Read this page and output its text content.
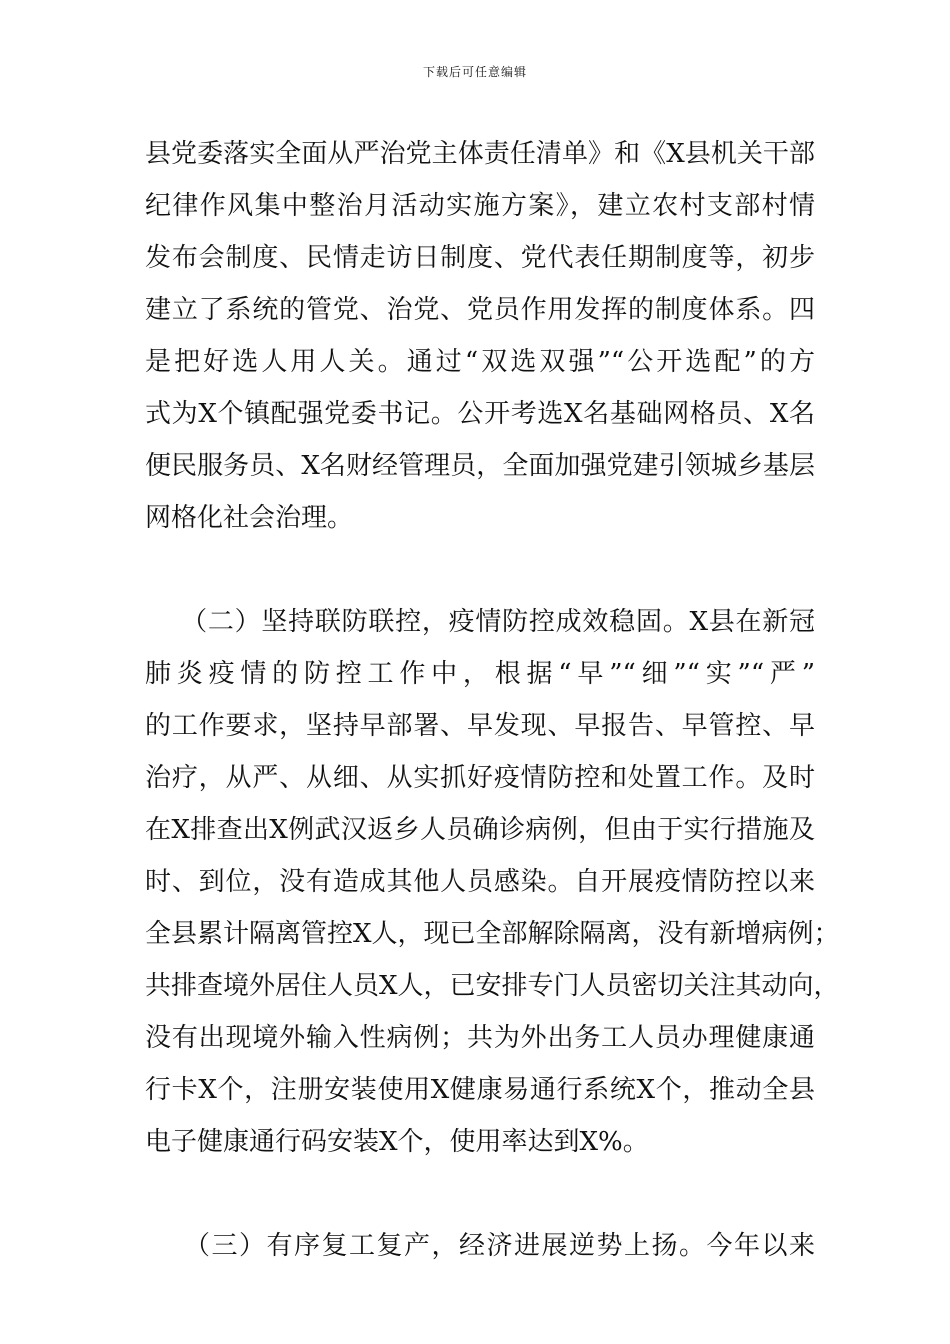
下载后可任意编辑
县党委落实全面从严治党主体责任清单》和《X县机关干部
纪律作风集中整治月活动实施方案》，建立农村支部村情
发布会制度、民情走访日制度、党代表任期制度等，初步
建立了系统的管党、治党、党员作用发挥的制度体系。四
是把好选人用人关。通过“双选双强”“公开选配”的方
式为X个镇配强党委书记。公开考选X名基础网格员、X名
便民服务员、X名财经管理员，全面加强党建引领城乡基层
网格化社会治理。
（二）坚持联防联控，疫情防控成效稳固。X县在新冠
肺炎疫情的防控工作中，根据“早”“细”“实”“严”
的工作要求，坚持早部署、早发现、早报告、早管控、早
治疗，从严、从细、从实抓好疫情防控和处置工作。及时
在X排查出X例武汉返乡人员确诊病例，但由于实行措施及
时、到位，没有造成其他人员感染。自开展疫情防控以来
全县累计隔离管控X人，现已全部解除隔离，没有新增病例；
共排查境外居住人员X人，已安排专门人员密切关注其动向，
没有出现境外输入性病例；共为外出务工人员办理健康通
行卡X个，注册安装使用X健康易通行系统X个，推动全县
电子健康通行码安装X个，使用率达到X%。
（三）有序复工复产，经济进展逆势上扬。今年以来
